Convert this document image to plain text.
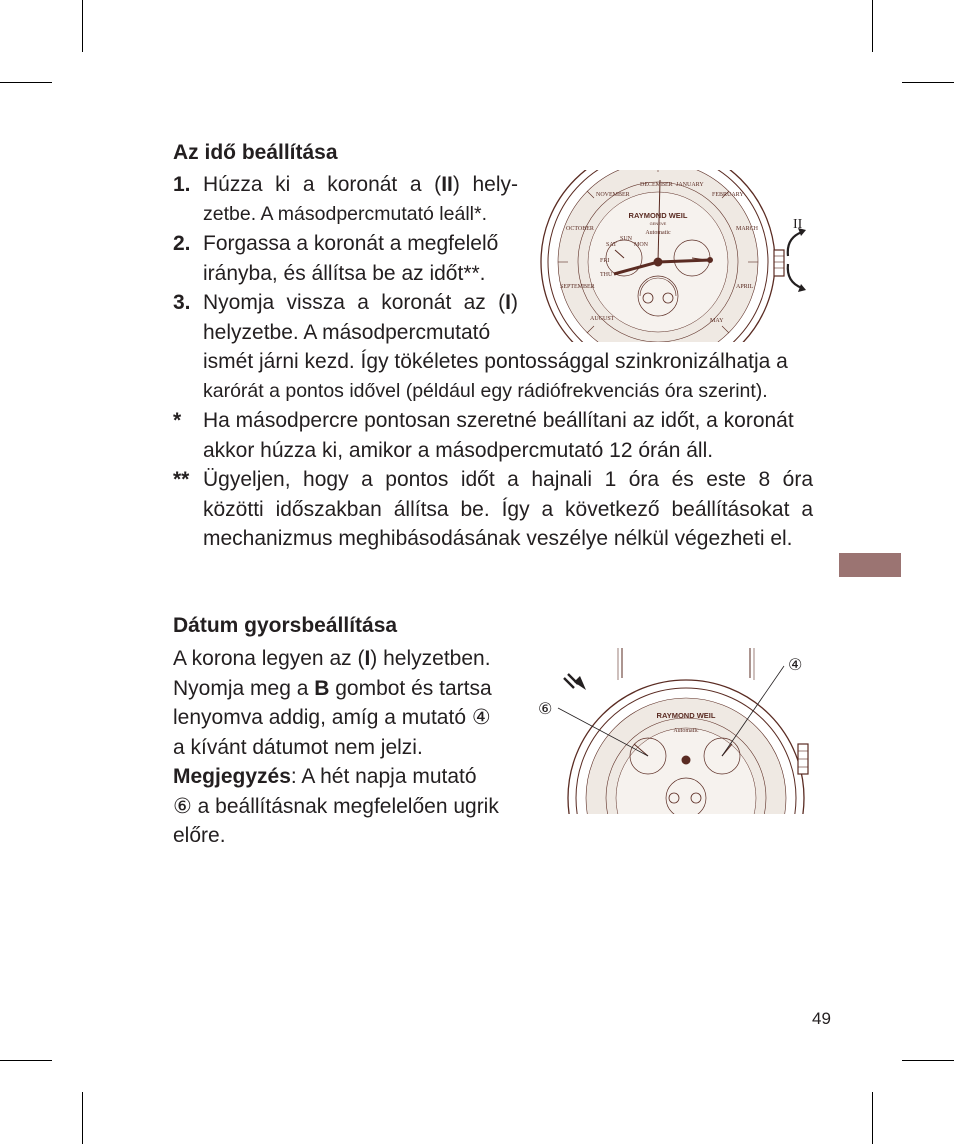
Az idő beállítása
1. Húzza ki a koronát a (II) hely-
zetbe. A másodpercmutató leáll*.
2. Forgassa a koronát a megfelelő
irányba, és állítsa be az időt**.
3. Nyomja vissza a koronát az (I)
helyzetbe. A másodpercmutató
ismét járni kezd. Így tökéletes pontossággal szinkronizálhatja a
karórát a pontos idővel (például egy rádiófrekvenciás óra szerint).
* Ha másodpercre pontosan szeretné beállítani az időt, a koronát
akkor húzza ki, amikor a másodpercmutató 12 órán áll.
** Ügyeljen, hogy a pontos időt a hajnali 1 óra és este 8 óra
közötti időszakban állítsa be. Így a következő beállításokat a
mechanizmus meghibásodásának veszélye nélkül végezheti el.
II
RAYMOND WEIL
GENEVE
Automatic
DECEMBER JANUARY
FEBRUARY
NOVEMBER
MARCH
OCTOBER
APRIL
SEPTEMBER
AUGUST	MAY
SAT
SUN
MON
FRI
THU
Dátum gyorsbeállítása
A korona legyen az (I) helyzetben.
Nyomja meg a B gombot és tartsa
lenyomva addig, amíg a mutató ④
a kívánt dátumot nem jelzi.
Megjegyzés: A hét napja mutató
⑥ a beállításnak megfelelően ugrik
előre.
④
⑥	RAYMOND WEIL
Automatic
49
